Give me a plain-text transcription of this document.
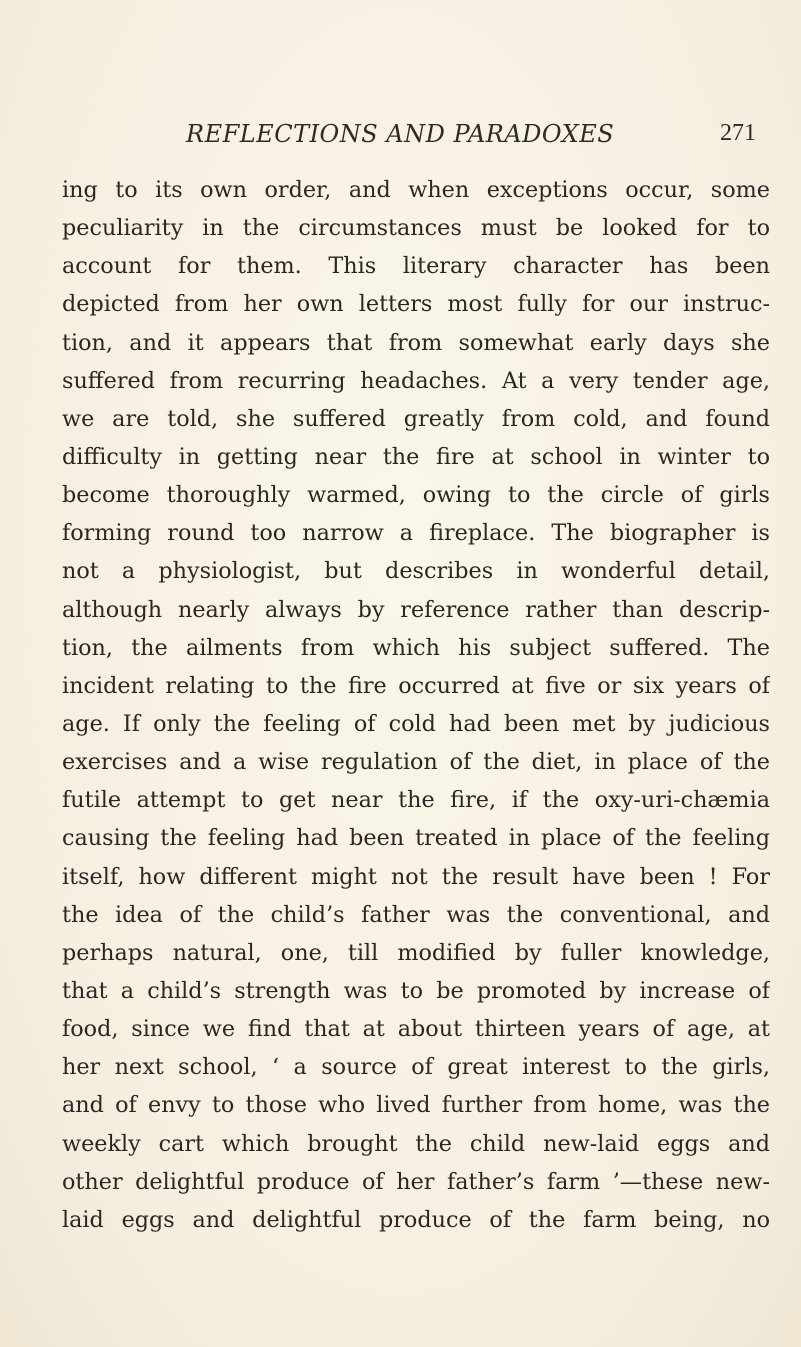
REFLECTIONS AND PARADOXES	271
ing to its own order, and when exceptions occur, some
peculiarity in the circumstances must be looked for to
account for them. This literary character has been
depicted from her own letters most fully for our instruc-
tion, and it appears that from somewhat early days she
suffered from recurring headaches. At a very tender age,
we are told, she suffered greatly from cold, and found
difficulty in getting near the fire at school in winter to
become thoroughly warmed, owing to the circle of girls
forming round too narrow a fireplace. The biographer is
not a physiologist, but describes in wonderful detail,
although nearly always by reference rather than descrip-
tion, the ailments from which his subject suffered. The
incident relating to the fire occurred at five or six years of
age. If only the feeling of cold had been met by judicious
exercises and a wise regulation of the diet, in place of the
futile attempt to get near the fire, if the oxy-uri-chæmia
causing the feeling had been treated in place of the feeling
itself, how different might not the result have been ! For
the idea of the child’s father was the conventional, and
perhaps natural, one, till modified by fuller knowledge,
that a child’s strength was to be promoted by increase of
food, since we find that at about thirteen years of age, at
her next school, ‘ a source of great interest to the girls,
and of envy to those who lived further from home, was the
weekly cart which brought the child new-laid eggs and
other delightful produce of her father’s farm ’—these new-
laid eggs and delightful produce of the farm being, no
